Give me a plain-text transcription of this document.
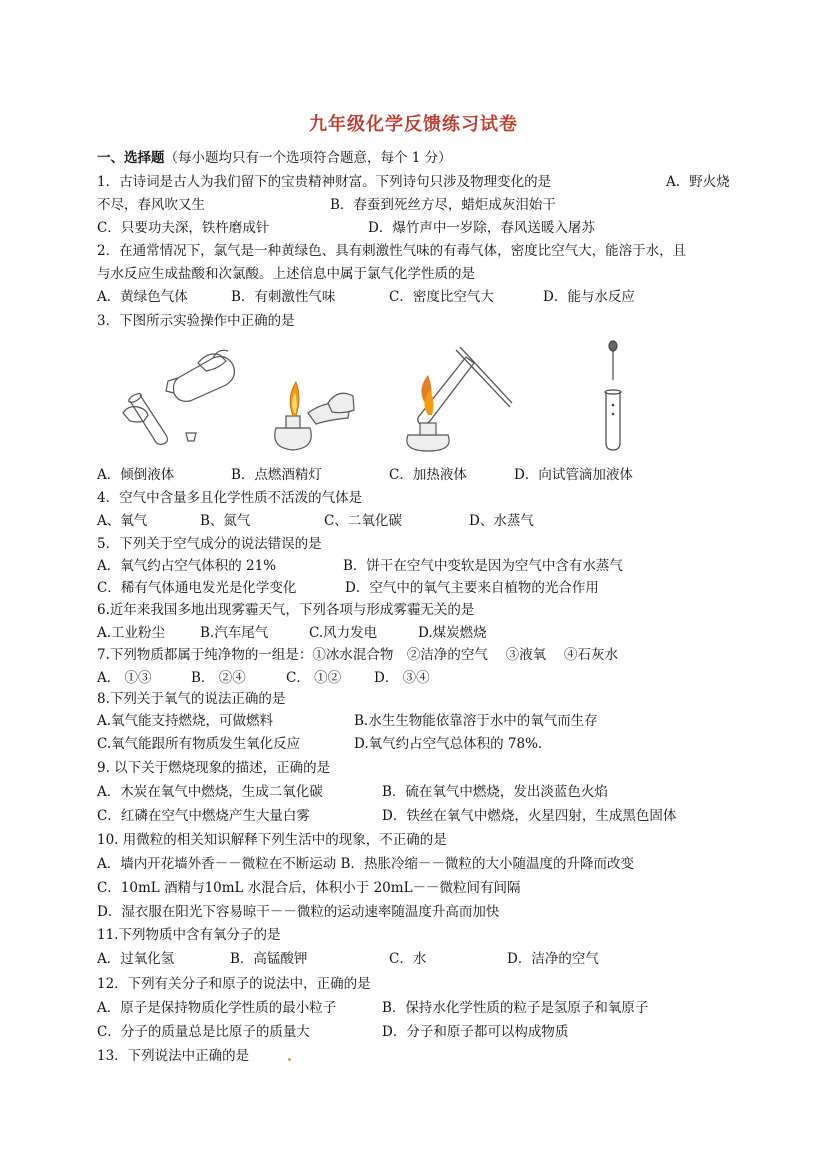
九年级化学反馈练习试卷
一、选择题（每小题均只有一个选项符合题意，每个 1 分）
1．古诗词是古人为我们留下的宝贵精神财富。下列诗句只涉及物理变化的是	A．野火烧
不尽，春风吹又生	B．春蚕到死丝方尽，蜡炬成灰泪始干
C．只要功夫深，铁杵磨成针	D．爆竹声中一岁除，春风送暖入屠苏
2．在通常情况下，氯气是一种黄绿色、具有刺激性气味的有毒气体，密度比空气大，能溶于水，且
与水反应生成盐酸和次氯酸。上述信息中属于氯气化学性质的是
A．黄绿色气体	B．有刺激性气味	C．密度比空气大	D．能与水反应
3．下图所示实验操作中正确的是
A．倾倒液体	B．点燃酒精灯	C．加热液体	D．向试管滴加液体
4．空气中含量多且化学性质不活泼的气体是
A、氧气	B、氮气	C、二氧化碳	D、水蒸气
5．下列关于空气成分的说法错误的是
A．氧气约占空气体积的 21%	B．饼干在空气中变软是因为空气中含有水蒸气
C．稀有气体通电发光是化学变化	D．空气中的氧气主要来自植物的光合作用
6.近年来我国多地出现雾霾天气，下列各项与形成雾霾无关的是
A.工业粉尘	B.汽车尾气	C.风力发电	D.煤炭燃烧
7.下列物质都属于纯净物的一组是：①冰水混合物　②洁净的空气　 ③液氧　 ④石灰水
A． ①③	B． ②④	C． ①② D． ③④
8.下列关于氧气的说法正确的是
A.氧气能支持燃烧，可做燃料	B.水生生物能依靠溶于水中的氧气而生存
C.氧气能跟所有物质发生氧化反应	D.氧气约占空气总体积的 78%.
9. 以下关于燃烧现象的描述，正确的是
A．木炭在氧气中燃烧，生成二氧化碳	B．硫在氧气中燃烧，发出淡蓝色火焰
C．红磷在空气中燃烧产生大量白雾	D．铁丝在氧气中燃烧，火星四射，生成黑色固体
10. 用微粒的相关知识解释下列生活中的现象，不正确的是
A．墙内开花墙外香－－微粒在不断运动 B．热胀冷缩－－微粒的大小随温度的升降而改变
C．10mL 酒精与10mL 水混合后，体积小于 20mL－－微粒间有间隔
D．湿衣服在阳光下容易晾干－－微粒的运动速率随温度升高而加快
11.下列物质中含有氧分子的是
A．过氧化氢	B．高锰酸钾	C．水	D．洁净的空气
12．下列有关分子和原子的说法中，正确的是
A．原子是保持物质化学性质的最小粒子	B．保持水化学性质的粒子是氢原子和氧原子
C．分子的质量总是比原子的质量大	D．分子和原子都可以构成物质
13．下列说法中正确的是
